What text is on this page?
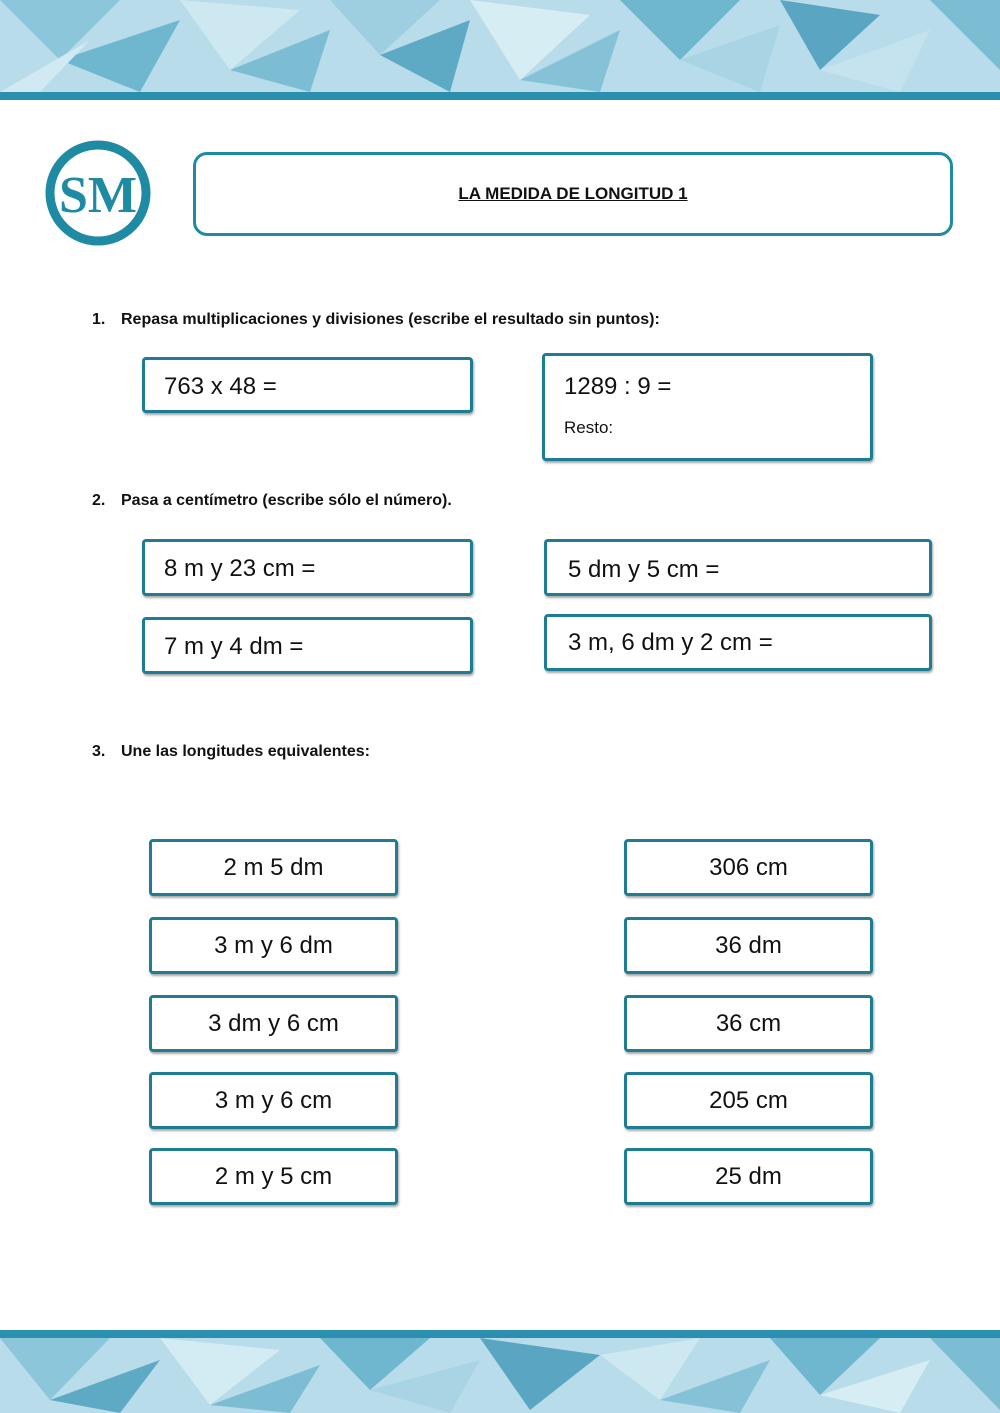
SM	LA MEDIDA DE LONGITUD 1
1. Repasa multiplicaciones y divisiones (escribe el resultado sin puntos):
763 x 48 =	1289 : 9 =
Resto:
2. Pasa a centímetro (escribe sólo el número).
8 m y 23 cm =	5 dm y 5 cm =
7 m y 4 dm =	3 m, 6 dm y 2 cm =
3. Une las longitudes equivalentes:
2 m 5 dm
3 m y 6 dm
3 dm y 6 cm
3 m y 6 cm
2 m y 5 cm
306 cm
36 dm
36 cm
205 cm
25 dm
